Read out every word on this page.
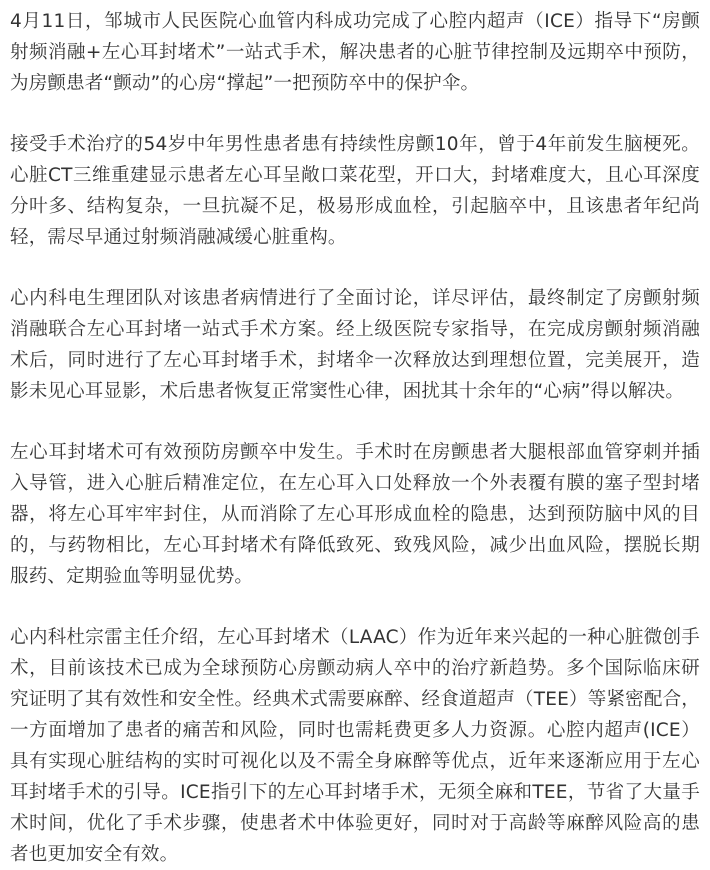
4月11日，邹城市人民医院心血管内科成功完成了心腔内超声（ICE）指导下“房颤射频消融+左心耳封堵术”一站式手术，解决患者的心脏节律控制及远期卒中预防，为房颤患者“颤动”的心房“撑起”一把预防卒中的保护伞。

接受手术治疗的54岁中年男性患者患有持续性房颤10年，曾于4年前发生脑梗死。心脏CT三维重建显示患者左心耳呈敞口菜花型，开口大，封堵难度大，且心耳深度分叶多、结构复杂，一旦抗凝不足，极易形成血栓，引起脑卒中，且该患者年纪尚轻，需尽早通过射频消融减缓心脏重构。

心内科电生理团队对该患者病情进行了全面讨论，详尽评估，最终制定了房颤射频消融联合左心耳封堵一站式手术方案。经上级医院专家指导，在完成房颤射频消融术后，同时进行了左心耳封堵手术，封堵伞一次释放达到理想位置，完美展开，造影未见心耳显影，术后患者恢复正常窦性心律，困扰其十余年的“心病”得以解决。

左心耳封堵术可有效预防房颤卒中发生。手术时在房颤患者大腿根部血管穿刺并插入导管，进入心脏后精准定位，在左心耳入口处释放一个外表覆有膜的塞子型封堵器，将左心耳牢牢封住，从而消除了左心耳形成血栓的隐患，达到预防脑中风的目的，与药物相比，左心耳封堵术有降低致死、致残风险，减少出血风险，摆脱长期服药、定期验血等明显优势。

心内科杜宗雷主任介绍，左心耳封堵术（LAAC）作为近年来兴起的一种心脏微创手术，目前该技术已成为全球预防心房颤动病人卒中的治疗新趋势。多个国际临床研究证明了其有效性和安全性。经典术式需要麻醉、经食道超声（TEE）等紧密配合，一方面增加了患者的痛苦和风险，同时也需耗费更多人力资源。心腔内超声(ICE）具有实现心脏结构的实时可视化以及不需全身麻醉等优点，近年来逐渐应用于左心耳封堵手术的引导。ICE指引下的左心耳封堵手术，无须全麻和TEE，节省了大量手术时间，优化了手术步骤，使患者术中体验更好，同时对于高龄等麻醉风险高的患者也更加安全有效。
